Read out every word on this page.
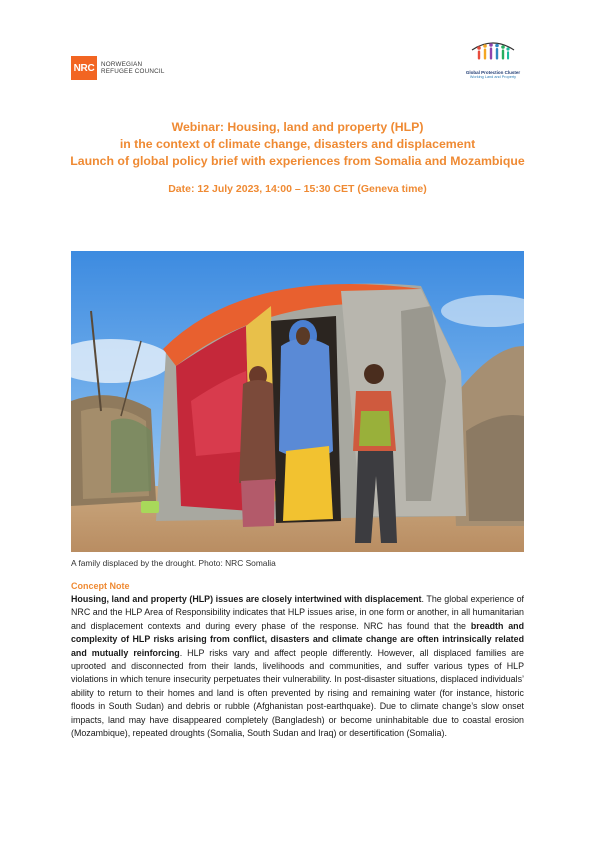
NRC	NORWEGIAN
REFUGEE COUNCIL	Global Protection Cluster
Working Land and Property
Webinar: Housing, land and property (HLP)
in the context of climate change, disasters and displacement
Launch of global policy brief with experiences from Somalia and Mozambique
Date: 12 July 2023, 14:00 – 15:30 CET (Geneva time)
A family displaced by the drought. Photo: NRC Somalia
Concept Note
Housing, land and property (HLP) issues are closely intertwined with displacement. The global experience of NRC and the HLP Area of Responsibility indicates that HLP issues arise, in one form or another, in all humanitarian and displacement contexts and during every phase of the response. NRC has found that the breadth and complexity of HLP risks arising from conflict, disasters and climate change are often intrinsically related and mutually reinforcing. HLP risks vary and affect people differently. However, all displaced families are uprooted and disconnected from their lands, livelihoods and communities, and suffer various types of HLP violations in which tenure insecurity perpetuates their vulnerability. In post-disaster situations, displaced individuals’ ability to return to their homes and land is often prevented by rising and remaining water (for instance, historic floods in South Sudan) and debris or rubble (Afghanistan post-earthquake). Due to climate change’s slow onset impacts, land may have disappeared completely (Bangladesh) or become uninhabitable due to coastal erosion (Mozambique), repeated droughts (Somalia, South Sudan and Iraq) or desertification (Somalia).
